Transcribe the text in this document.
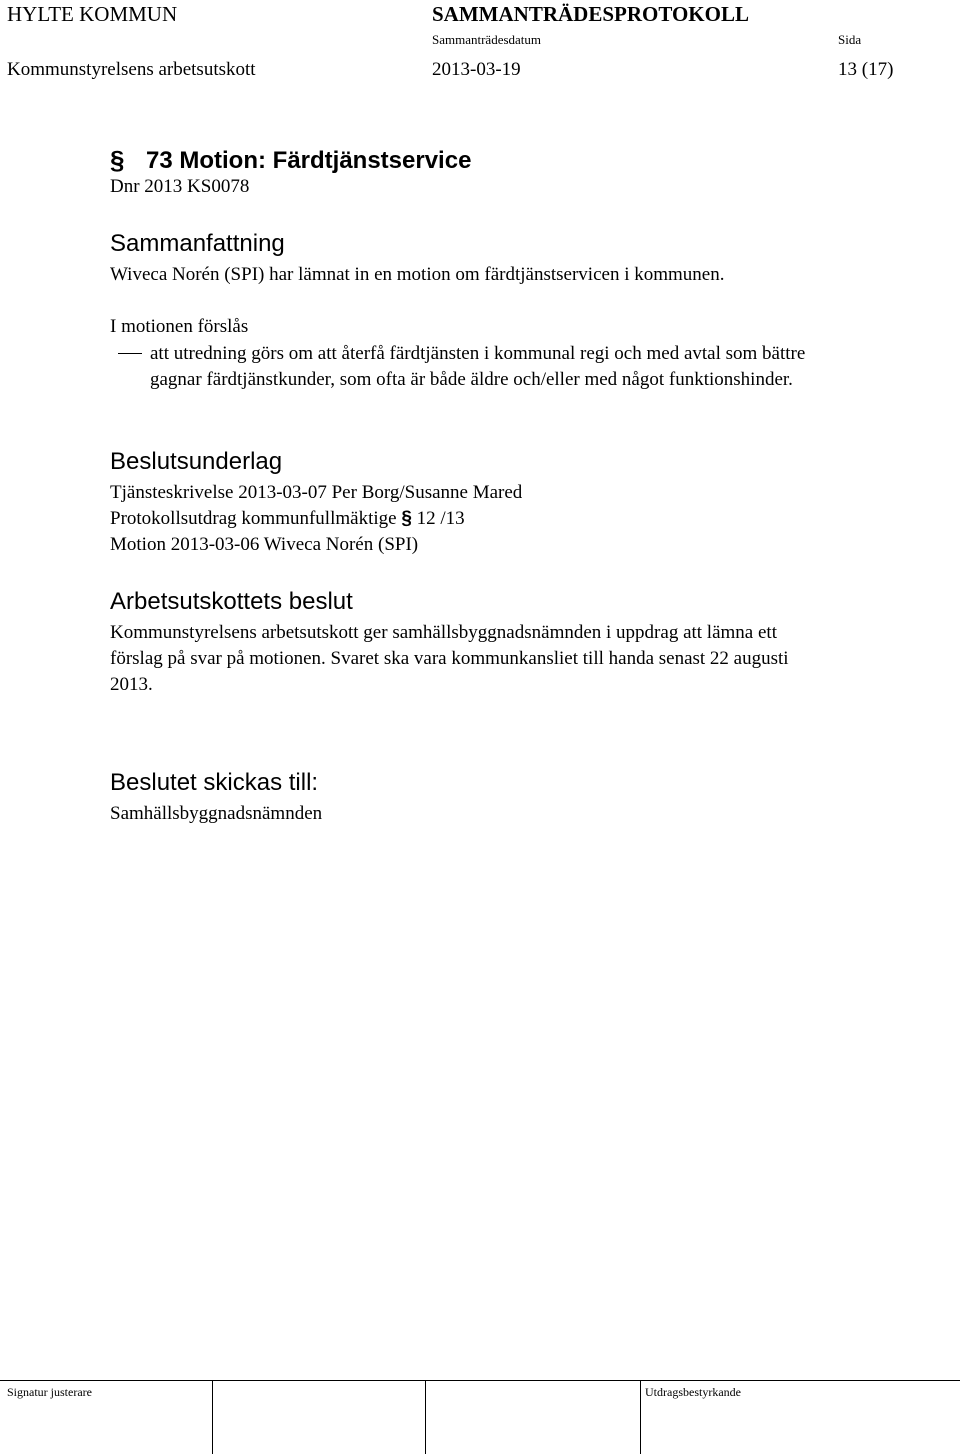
HYLTE KOMMUN	SAMMANTRÄDESPROTOKOLL
Sammanträdesdatum	Sida
Kommunstyrelsens arbetsutskott	2013-03-19	13 (17)
§ 73 Motion: Färdtjänstservice
Dnr 2013 KS0078
Sammanfattning
Wiveca Norén (SPI) har lämnat in en motion om färdtjänstservicen i kommunen.
I motionen förslås
att utredning görs om att återfå färdtjänsten i kommunal regi och med avtal som bättre
gagnar färdtjänstkunder, som ofta är både äldre och/eller med något funktionshinder.
Beslutsunderlag
Tjänsteskrivelse 2013-03-07 Per Borg/Susanne Mared
Protokollsutdrag kommunfullmäktige § 12 /13
Motion 2013-03-06 Wiveca Norén (SPI)
Arbetsutskottets beslut
Kommunstyrelsens arbetsutskott ger samhällsbyggnadsnämnden i uppdrag att lämna ett
förslag på svar på motionen. Svaret ska vara kommunkansliet till handa senast 22 augusti
2013.
Beslutet skickas till:
Samhällsbyggnadsnämnden
Signatur justerare	Utdragsbestyrkande
